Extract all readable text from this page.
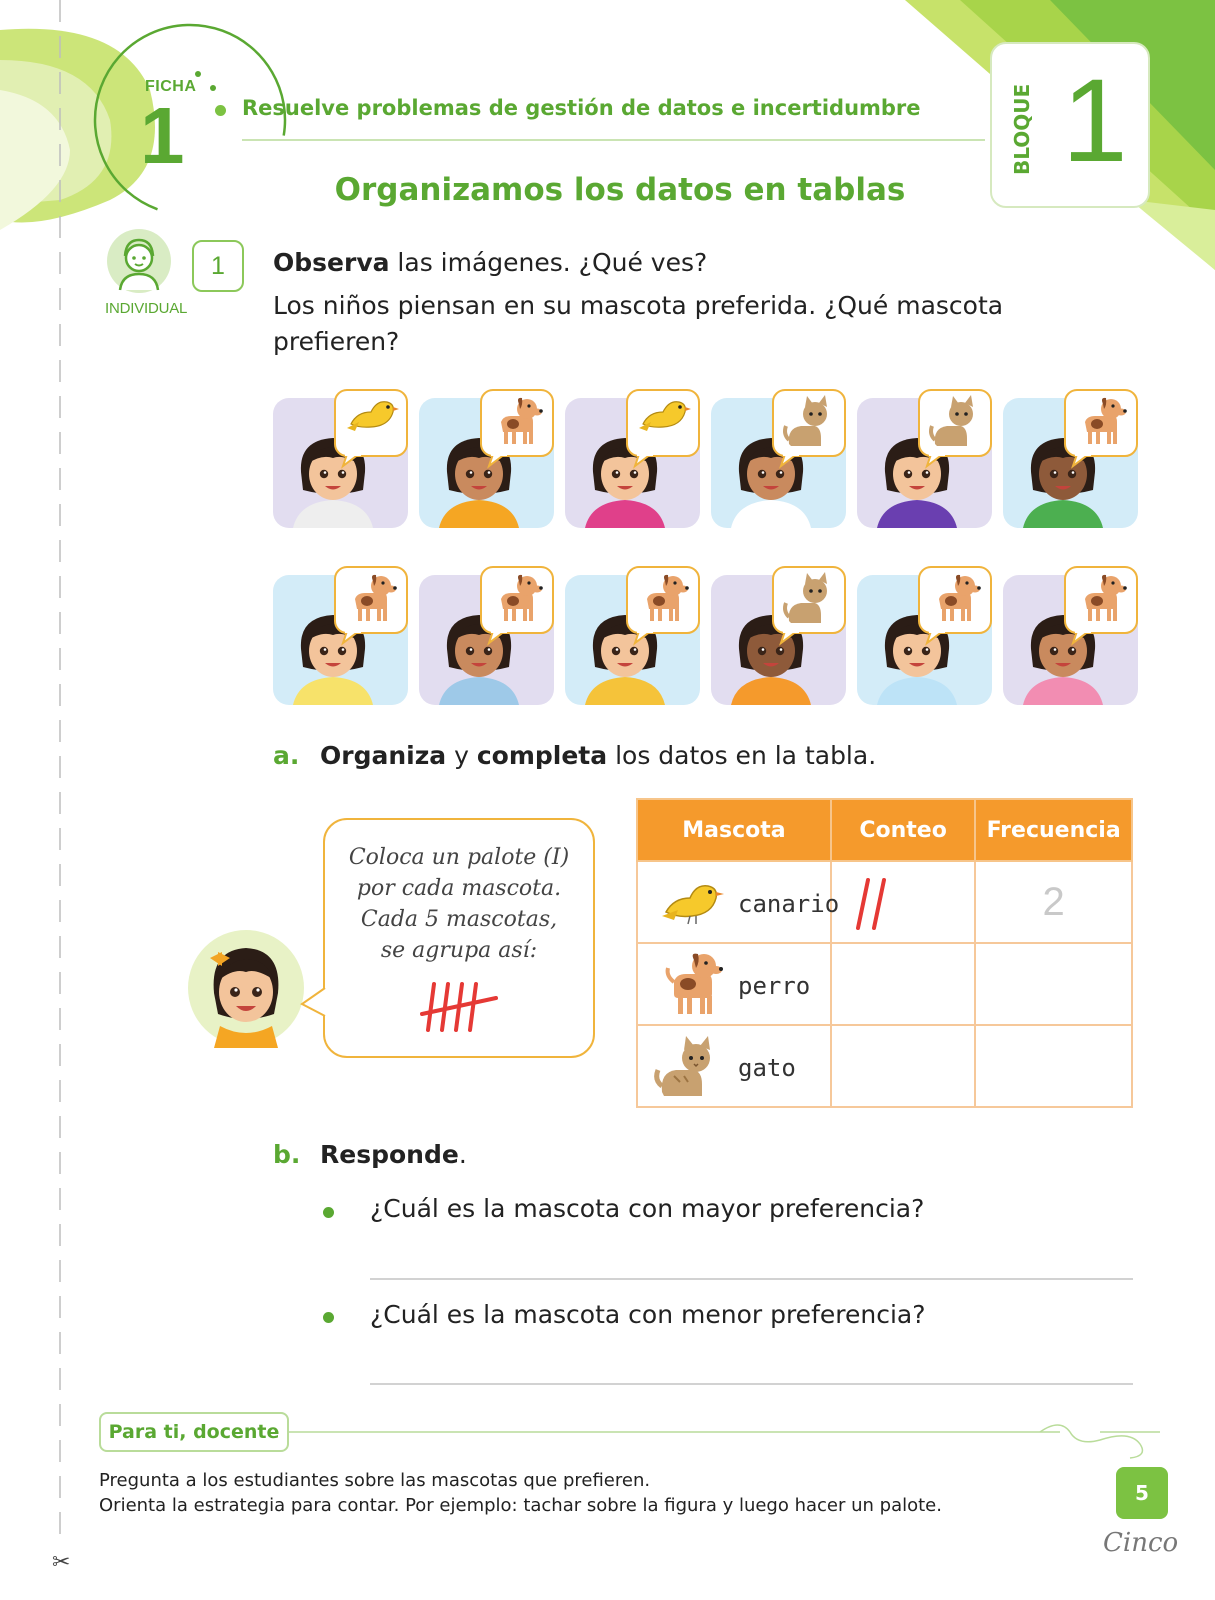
FICHA
1	Resuelve problemas de gestión de datos e incertidumbre	BLOQUE 1
Organizamos los datos en tablas
INDIVIDUAL
1	Observa las imágenes. ¿Qué ves?
Los niños piensan en su mascota preferida. ¿Qué mascota prefieren?
a. Organiza y completa los datos en la tabla.
Coloca un palote (I)
por cada mascota.
Cada 5 mascotas,
se agrupa así:
Mascota	Conteo	Frecuencia

canario		2

perro		

gato		

b. Responde.
¿Cuál es la mascota con mayor preferencia?
¿Cuál es la mascota con menor preferencia?
Para ti, docente
Pregunta a los estudiantes sobre las mascotas que prefieren.
Orienta la estrategia para contar. Por ejemplo: tachar sobre la figura y luego hacer un palote.
5
Cinco
✂
